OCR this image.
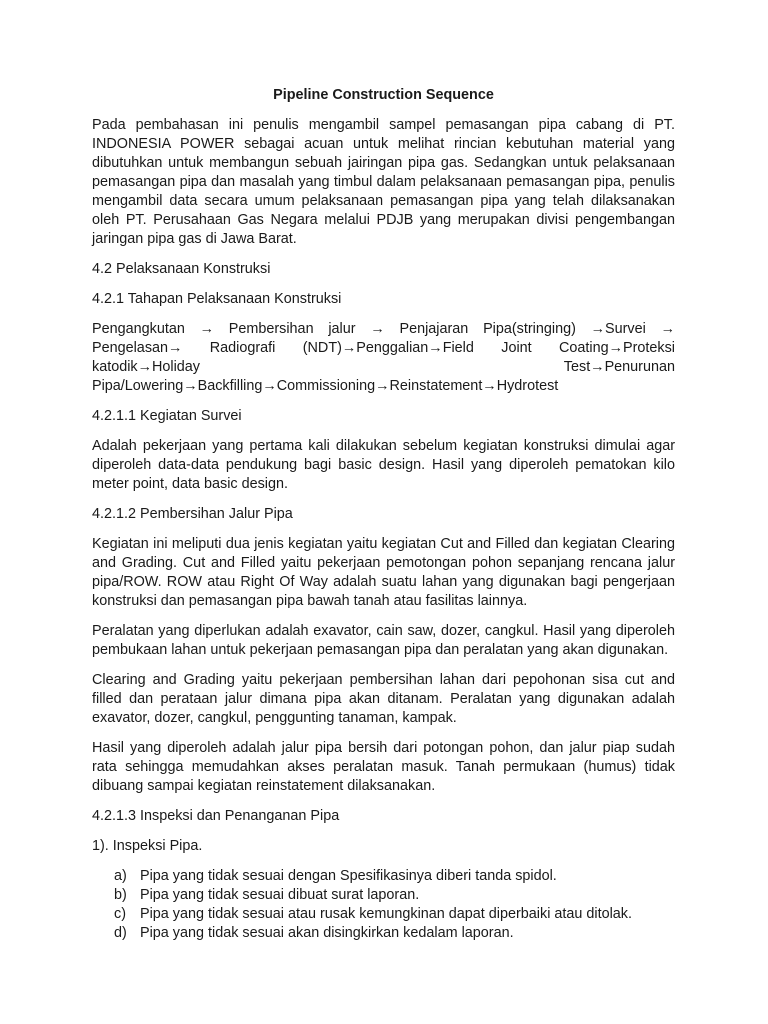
Pipeline Construction Sequence

Pada pembahasan ini penulis mengambil sampel pemasangan pipa cabang di PT. INDONESIA POWER sebagai acuan untuk melihat rincian kebutuhan material yang dibutuhkan untuk membangun sebuah jairingan pipa gas. Sedangkan untuk pelaksanaan pemasangan pipa dan masalah yang timbul dalam pelaksanaan pemasangan pipa, penulis mengambil data secara umum pelaksanaan pemasangan pipa yang telah dilaksanakan oleh PT. Perusahaan Gas Negara melalui PDJB yang merupakan divisi pengembangan jaringan pipa gas di Jawa Barat.

4.2 Pelaksanaan Konstruksi
4.2.1 Tahapan Pelaksanaan Konstruksi

Pengangkutan → Pembersihan jalur → Penjajaran Pipa(stringing) →Survei → Pengelasan→ Radiografi (NDT)→Penggalian→Field Joint Coating→Proteksi katodik→Holiday Test→Penurunan Pipa/Lowering→Backfilling→Commissioning→Reinstatement→Hydrotest

4.2.1.1 Kegiatan Survei

Adalah pekerjaan yang pertama kali dilakukan sebelum kegiatan konstruksi dimulai agar diperoleh data-data pendukung bagi basic design. Hasil yang diperoleh pematokan kilo meter point, data basic design.

4.2.1.2 Pembersihan Jalur Pipa

Kegiatan ini meliputi dua jenis kegiatan yaitu kegiatan Cut and Filled dan kegiatan Clearing and Grading. Cut and Filled yaitu pekerjaan pemotongan pohon sepanjang rencana jalur pipa/ROW. ROW atau Right Of Way adalah suatu lahan yang digunakan bagi pengerjaan konstruksi dan pemasangan pipa bawah tanah atau fasilitas lainnya.

Peralatan yang diperlukan adalah exavator, cain saw, dozer, cangkul. Hasil yang diperoleh pembukaan lahan untuk pekerjaan pemasangan pipa dan peralatan yang akan digunakan.

Clearing and Grading yaitu pekerjaan pembersihan lahan dari pepohonan sisa cut and filled dan perataan jalur dimana pipa akan ditanam. Peralatan yang digunakan adalah exavator, dozer, cangkul, penggunting tanaman, kampak.

Hasil yang diperoleh adalah jalur pipa bersih dari potongan pohon, dan jalur piap sudah rata sehingga memudahkan akses peralatan masuk. Tanah permukaan (humus) tidak dibuang sampai kegiatan reinstatement dilaksanakan.

4.2.1.3 Inspeksi dan Penanganan Pipa
1). Inspeksi Pipa.
a) Pipa yang tidak sesuai dengan Spesifikasinya diberi tanda spidol.
b) Pipa yang tidak sesuai dibuat surat laporan.
c) Pipa yang tidak sesuai atau rusak kemungkinan dapat diperbaiki atau ditolak.
d) Pipa yang tidak sesuai akan disingkirkan kedalam laporan.
